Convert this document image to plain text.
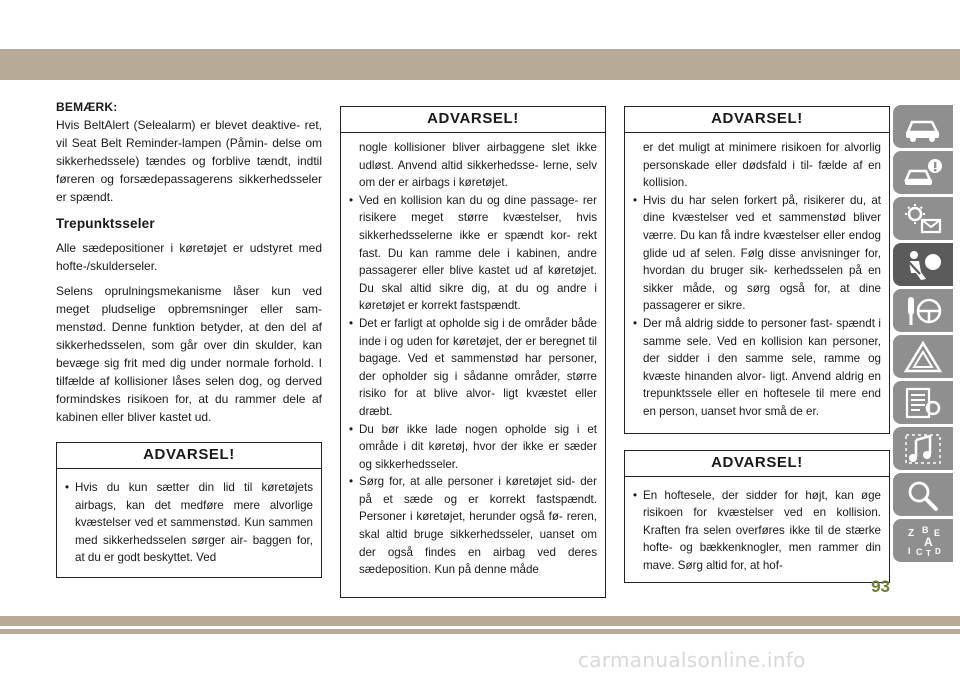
BEMÆRK:

Hvis BeltAlert (Selealarm) er blevet deaktive- ret, vil Seat Belt Reminder-lampen (Påmin- delse om sikkerhedssele) tændes og forblive tændt, indtil føreren og forsædepassagerens sikkerhedsseler er spændt.

Trepunktsseler

Alle sædepositioner i køretøjet er udstyret med hofte-/skulderseler.

Selens oprulningsmekanisme låser kun ved meget pludselige opbremsninger eller sam- menstød. Denne funktion betyder, at den del af sikkerhedsselen, som går over din skulder, kan bevæge sig frit med dig under normale forhold. I tilfælde af kollisioner låses selen dog, og derved formindskes risikoen for, at du rammer dele af kabinen eller bliver kastet ud.

ADVARSEL!
• Hvis du kun sætter din lid til køretøjets airbags, kan det medføre mere alvorlige kvæstelser ved et sammenstød. Kun sammen med sikkerhedsselen sørger air- baggen for, at du er godt beskyttet. Ved
ADVARSEL!

nogle kollisioner bliver airbaggene slet ikke udløst. Anvend altid sikkerhedsse- lerne, selv om der er airbags i køretøjet.

• Ved en kollision kan du og dine passage- rer risikere meget større kvæstelser, hvis sikkerhedsselerne ikke er spændt kor- rekt fast. Du kan ramme dele i kabinen, andre passagerer eller blive kastet ud af køretøjet. Du skal altid sikre dig, at du og andre i køretøjet er korrekt fastspændt.
• Det er farligt at opholde sig i de områder både inde i og uden for køretøjet, der er beregnet til bagage. Ved et sammenstød har personer, der opholder sig i sådanne områder, større risiko for at blive alvor- ligt kvæstet eller dræbt.
• Du bør ikke lade nogen opholde sig i et område i dit køretøj, hvor der ikke er sæder og sikkerhedsseler.
• Sørg for, at alle personer i køretøjet sid- der på et sæde og er korrekt fastspændt. Personer i køretøjet, herunder også fø- reren, skal altid bruge sikkerhedsseler, uanset om der også findes en airbag ved deres sædeposition. Kun på denne måde
ADVARSEL!

er det muligt at minimere risikoen for alvorlig personskade eller dødsfald i til- fælde af en kollision.

• Hvis du har selen forkert på, risikerer du, at dine kvæstelser ved et sammenstød bliver værre. Du kan få indre kvæstelser eller endog glide ud af selen. Følg disse anvisninger for, hvordan du bruger sik- kerhedsselen på en sikker måde, og sørg også for, at dine passagerer er sikre.
• Der må aldrig sidde to personer fast- spændt i samme sele. Ved en kollision kan personer, der sidder i den samme sele, ramme og kvæste hinanden alvor- ligt. Anvend aldrig en trepunktssele eller en hoftesele til mere end en person, uanset hvor små de er.
ADVARSEL!
• En hoftesele, der sidder for højt, kan øge risikoen for kvæstelser ved en kollision. Kraften fra selen overføres ikke til de stærke hofte- og bækkenknogler, men rammer din mave. Sørg altid for, at hof-
Z B E
A
I C T D
93
carmanualsonline.info
